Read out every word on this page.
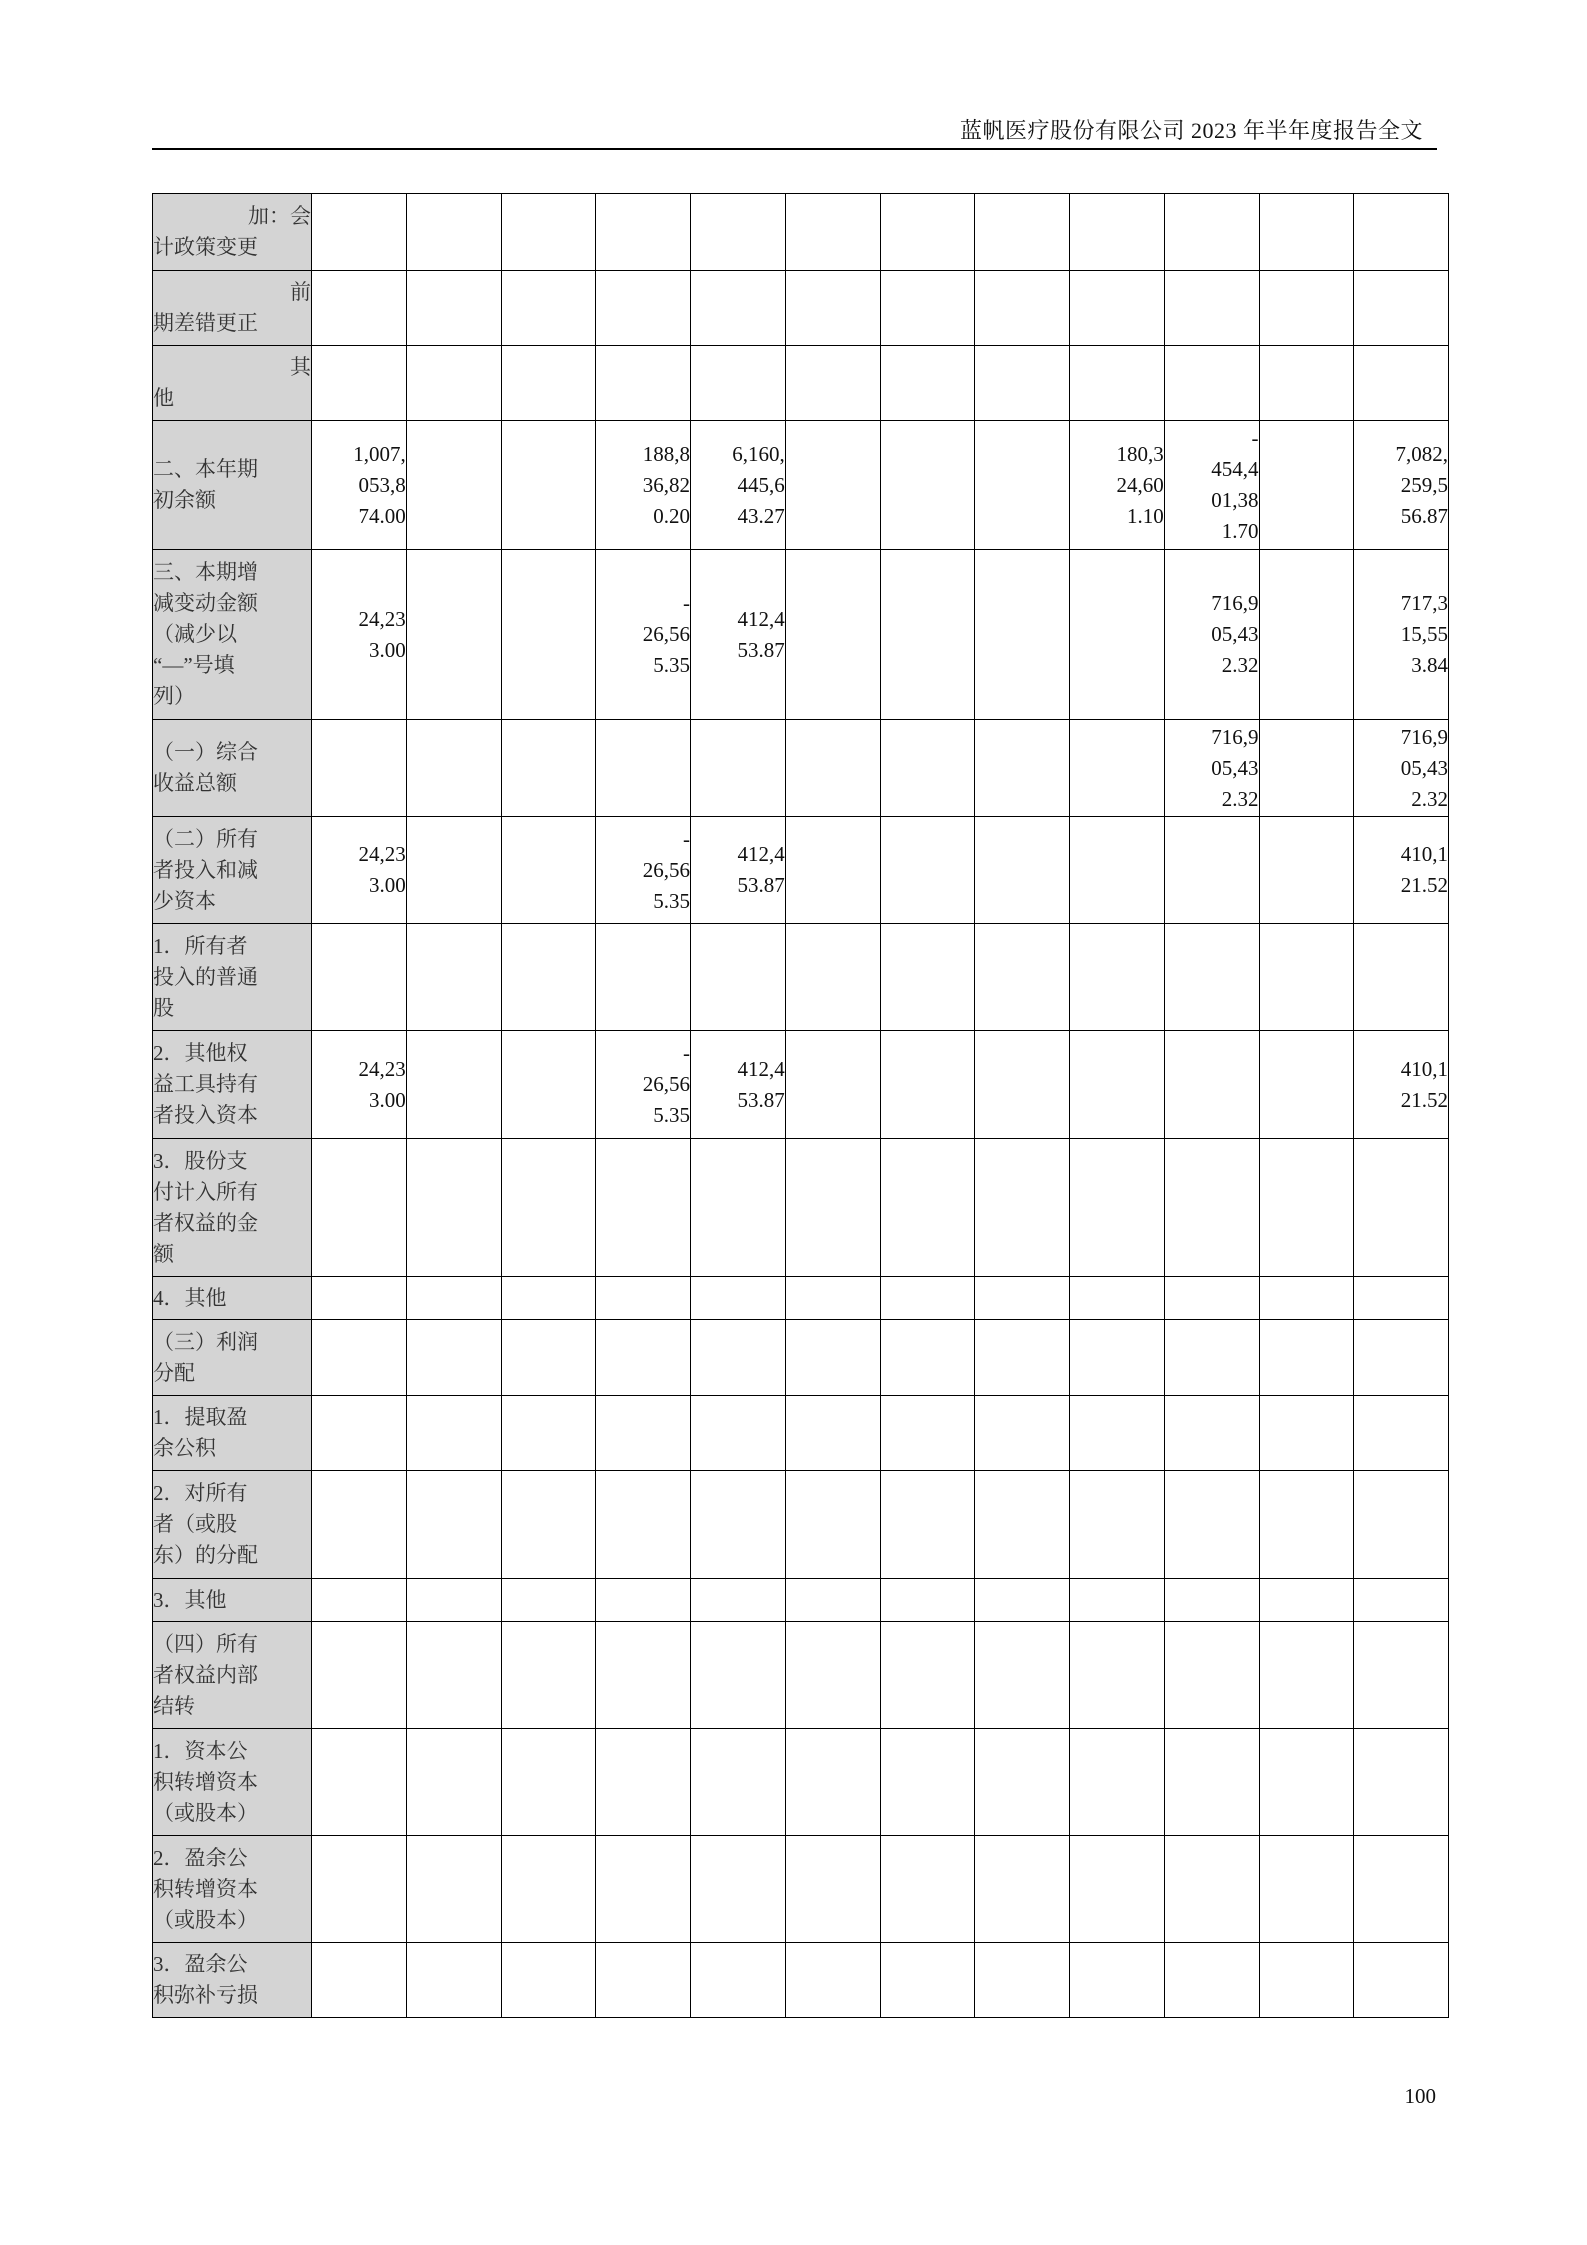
蓝帆医疗股份有限公司 2023 年半年度报告全文
加：会
计政策变更												

前
期差错更正												

其
他												

二、本年期
初余额	1,007,
053,8
74.00			188,8
36,82
0.20	6,160,
445,6
43.27				180,3
24,60
1.10	-
454,4
01,38
1.70		7,082,
259,5
56.87

三、本期增
减变动金额
（减少以
“—”号填
列）	24,23
3.00			-
26,56
5.35	412,4
53.87					716,9
05,43
2.32		717,3
15,55
3.84

（一）综合
收益总额										716,9
05,43
2.32		716,9
05,43
2.32

（二）所有
者投入和减
少资本	24,23
3.00			-
26,56
5.35	412,4
53.87							410,1
21.52

1．所有者
投入的普通
股												

2．其他权
益工具持有
者投入资本	24,23
3.00			-
26,56
5.35	412,4
53.87							410,1
21.52

3．股份支
付计入所有
者权益的金
额												

4．其他												

（三）利润
分配												

1．提取盈
余公积												

2．对所有
者（或股
东）的分配												

3．其他												

（四）所有
者权益内部
结转												

1．资本公
积转增资本
（或股本）												

2．盈余公
积转增资本
（或股本）												

3．盈余公
积弥补亏损												

100
